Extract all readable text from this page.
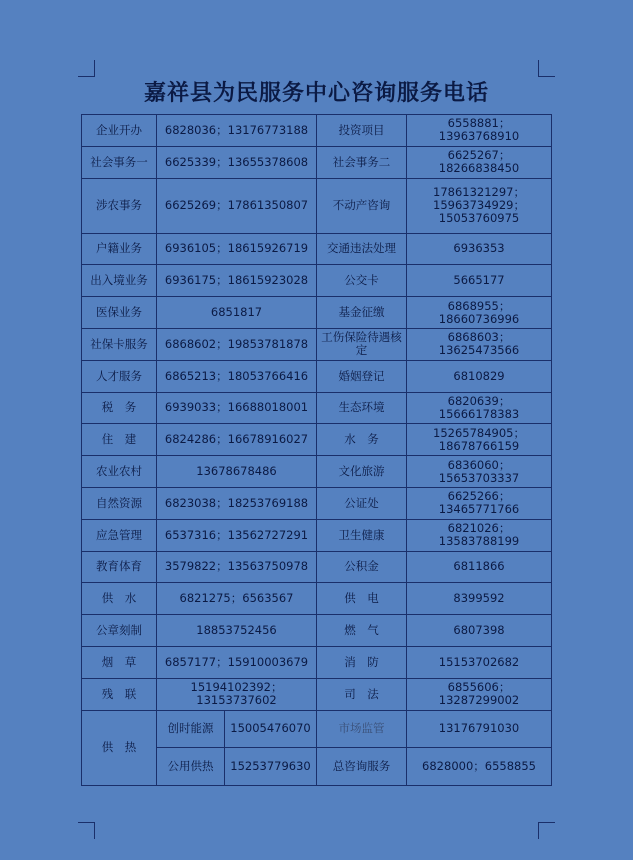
嘉祥县为民服务中心咨询服务电话
企业开办	6828036；13176773188		投资项目	6558881；13963768910
社会事务一	6625339；13655378608		社会事务二	6625267；18266838450
涉农事务	6625269；17861350807		不动产咨询	17861321297；15963734929；15053760975
户籍业务	6936105；18615926719		交通违法处理	6936353
出入境业务	6936175；18615923028		公交卡	5665177
医保业务	6851817		基金征缴	6868955；18660736996
社保卡服务	6868602；19853781878		工伤保险待遇核定	6868603；13625473566
人才服务	6865213；18053766416		婚姻登记	6810829
税　务	6939033；16688018001		生态环境	6820639；15666178383
住　建	6824286；16678916027		水　务	15265784905；18678766159
农业农村	13678678486		文化旅游	6836060；15653703337
自然资源	6823038；18253769188		公证处	6625266；13465771766
应急管理	6537316；13562727291		卫生健康	6821026；13583788199
教育体育	3579822；13563750978		公积金	6811866
供　水	6821275；6563567		供　电	8399592
公章刻制	18853752456		燃　气	6807398
烟　草	6857177；15910003679		消　防	15153702682
残　联	15194102392；13153737602		司　法	6855606；13287299002
供　热	创时能源	15005476070	市场监管	13176791030
	公用供热	15253779630	总咨询服务	6828000；6558855
